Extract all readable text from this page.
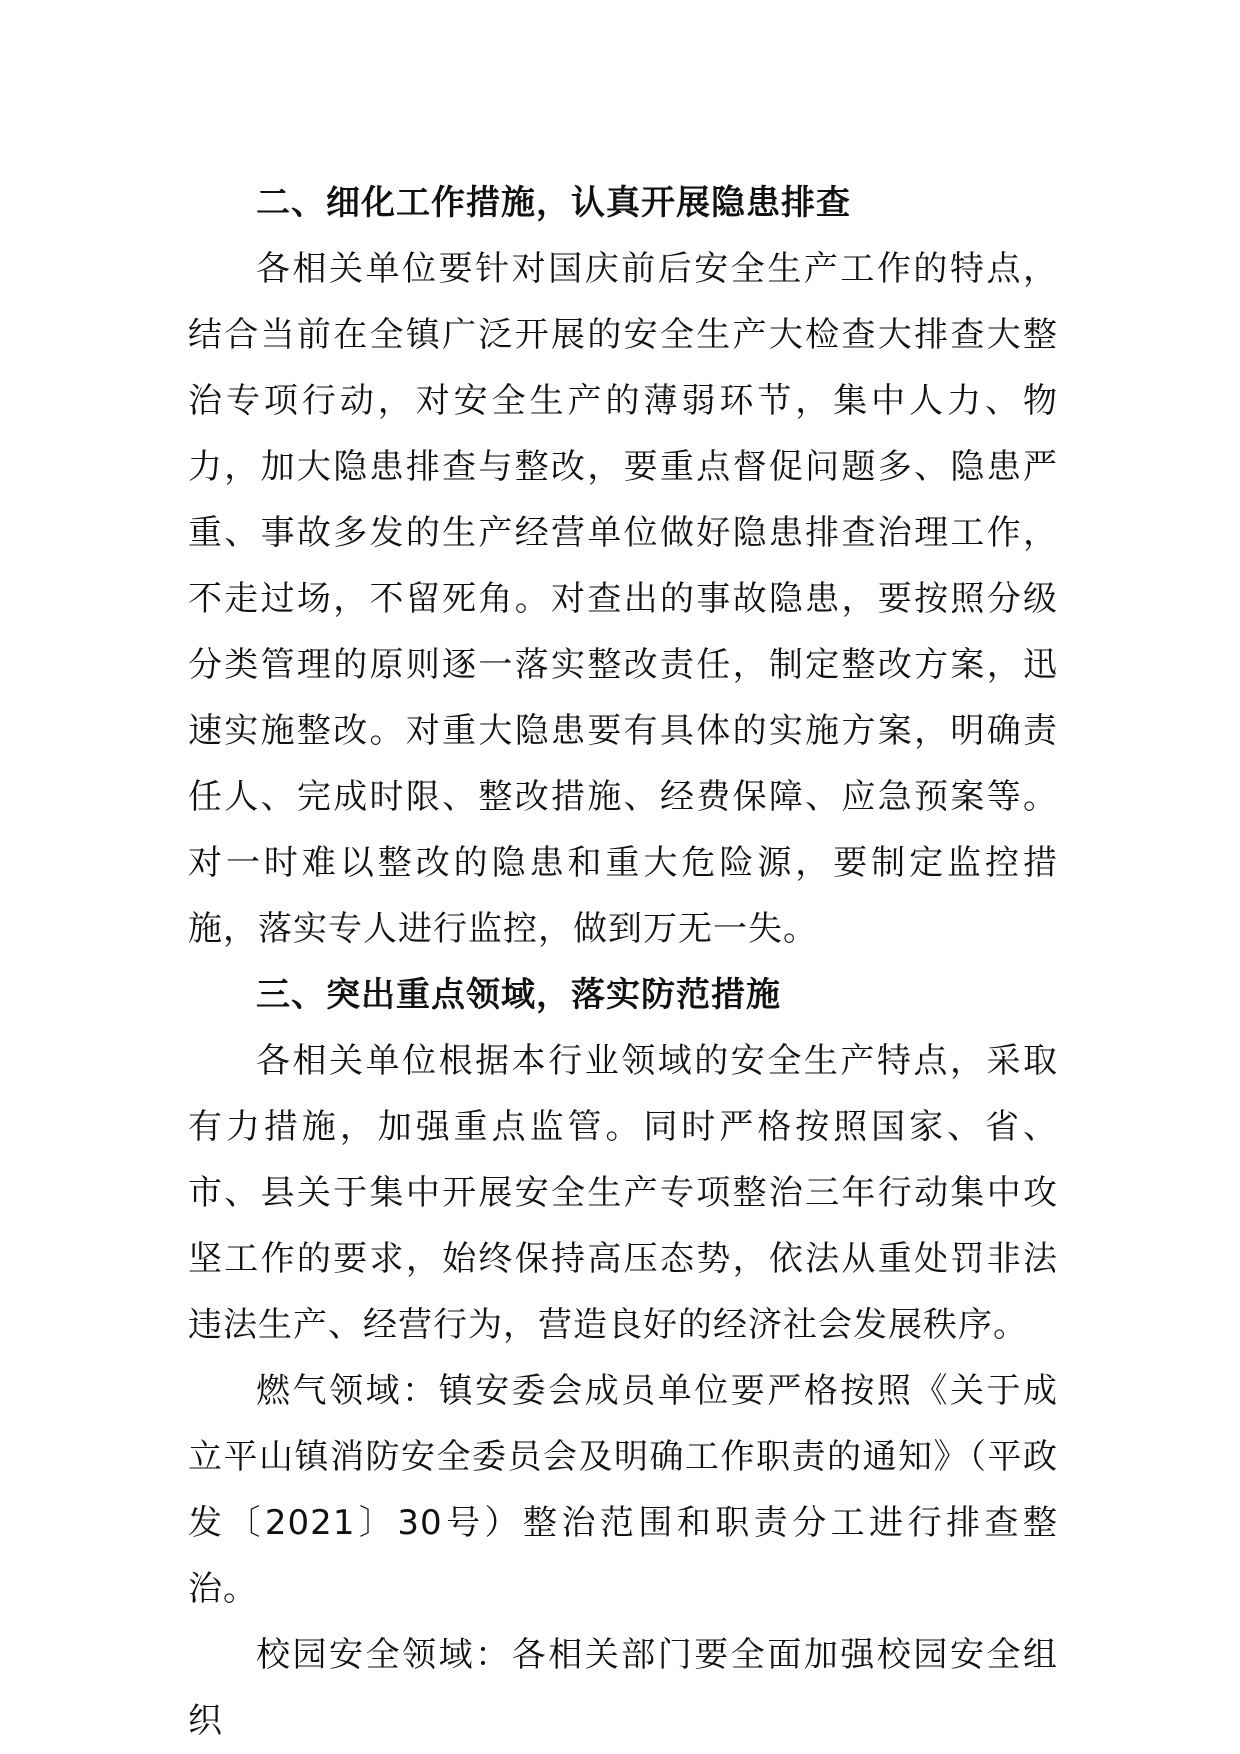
二、细化工作措施，认真开展隐患排查

各相关单位要针对国庆前后安全生产工作的特点，结合当前在全镇广泛开展的安全生产大检查大排查大整治专项行动，对安全生产的薄弱环节，集中人力、物力，加大隐患排查与整改，要重点督促问题多、隐患严重、事故多发的生产经营单位做好隐患排查治理工作，不走过场，不留死角。对查出的事故隐患，要按照分级分类管理的原则逐一落实整改责任，制定整改方案，迅速实施整改。对重大隐患要有具体的实施方案，明确责任人、完成时限、整改措施、经费保障、应急预案等。对一时难以整改的隐患和重大危险源，要制定监控措施，落实专人进行监控，做到万无一失。

三、突出重点领域，落实防范措施

各相关单位根据本行业领域的安全生产特点，采取有力措施，加强重点监管。同时严格按照国家、省、市、县关于集中开展安全生产专项整治三年行动集中攻坚工作的要求，始终保持高压态势，依法从重处罚非法违法生产、经营行为，营造良好的经济社会发展秩序。

燃气领域：镇安委会成员单位要严格按照《关于成立平山镇消防安全委员会及明确工作职责的通知》（平政发〔2021〕30号）整治范围和职责分工进行排查整治。

校园安全领域：各相关部门要全面加强校园安全组织
